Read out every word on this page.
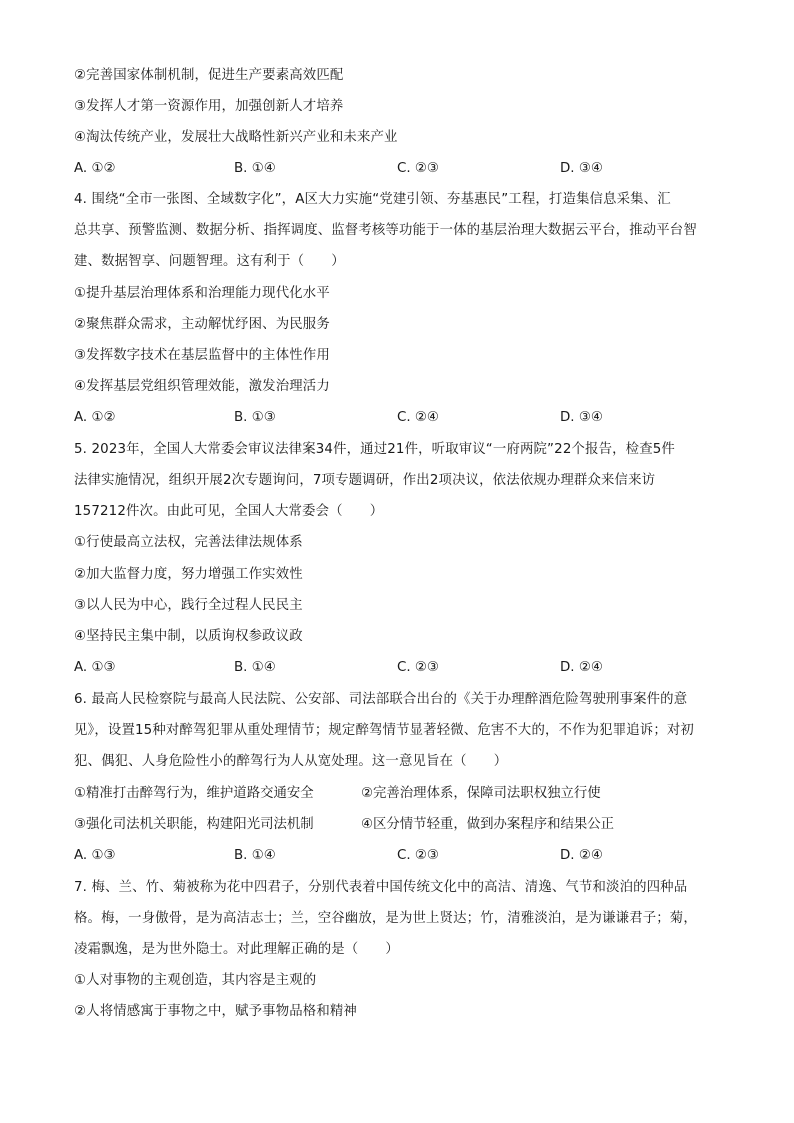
②完善国家体制机制，促进生产要素高效匹配
③发挥人才第一资源作用，加强创新人才培养
④淘汰传统产业，发展壮大战略性新兴产业和未来产业
A. ①②	B. ①④	C. ②③	D. ③④
4. 围绕“全市一张图、全域数字化”，A区大力实施“党建引领、夯基惠民”工程，打造集信息采集、汇
总共享、预警监测、数据分析、指挥调度、监督考核等功能于一体的基层治理大数据云平台，推动平台智
建、数据智享、问题智理。这有利于（　　）
①提升基层治理体系和治理能力现代化水平
②聚焦群众需求，主动解忧纾困、为民服务
③发挥数字技术在基层监督中的主体性作用
④发挥基层党组织管理效能，激发治理活力
A. ①②	B. ①③	C. ②④	D. ③④
5. 2023年，全国人大常委会审议法律案34件，通过21件，听取审议“一府两院”22个报告，检查5件
法律实施情况，组织开展2次专题询问，7项专题调研，作出2项决议，依法依规办理群众来信来访
157212件次。由此可见，全国人大常委会（　　）
①行使最高立法权，完善法律法规体系
②加大监督力度，努力增强工作实效性
③以人民为中心，践行全过程人民民主
④坚持民主集中制，以质询权参政议政
A. ①③	B. ①④	C. ②③	D. ②④
6. 最高人民检察院与最高人民法院、公安部、司法部联合出台的《关于办理醉酒危险驾驶刑事案件的意
见》，设置15种对醉驾犯罪从重处理情节；规定醉驾情节显著轻微、危害不大的，不作为犯罪追诉；对初
犯、偶犯、人身危险性小的醉驾行为人从宽处理。这一意见旨在（　　）
①精准打击醉驾行为，维护道路交通安全	②完善治理体系，保障司法职权独立行使
③强化司法机关职能，构建阳光司法机制	④区分情节轻重，做到办案程序和结果公正
A. ①③	B. ①④	C. ②③	D. ②④
7. 梅、兰、竹、菊被称为花中四君子，分别代表着中国传统文化中的高洁、清逸、气节和淡泊的四种品
格。梅，一身傲骨，是为高洁志士；兰，空谷幽放，是为世上贤达；竹，清雅淡泊，是为谦谦君子；菊，
凌霜飘逸，是为世外隐士。对此理解正确的是（　　）
①人对事物的主观创造，其内容是主观的
②人将情感寓于事物之中，赋予事物品格和精神
